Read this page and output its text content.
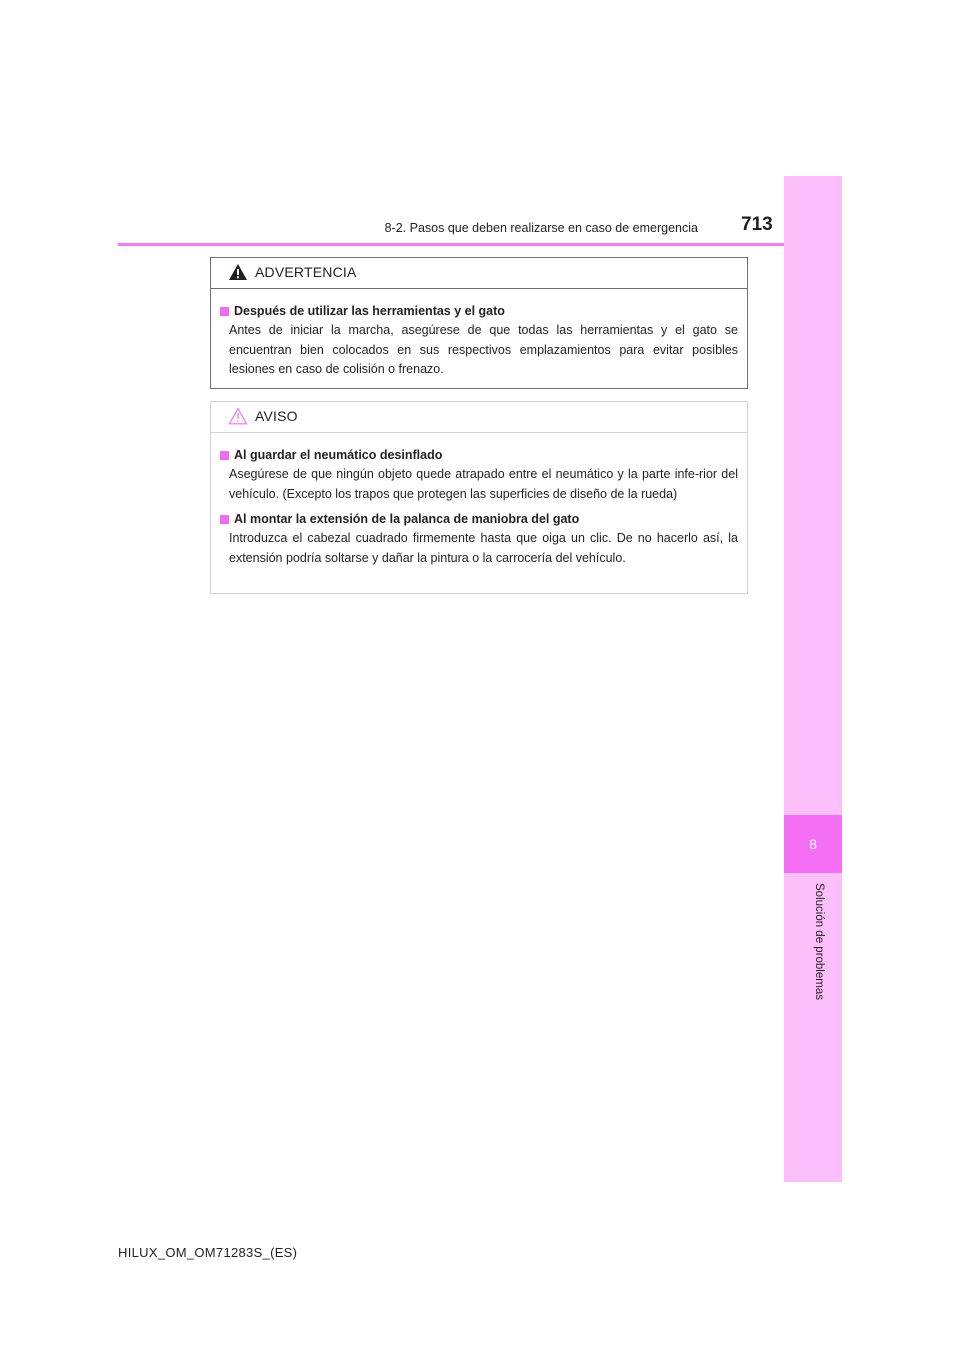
8-2. Pasos que deben realizarse en caso de emergencia 713
8
Solución de problemas
ADVERTENCIA
Después de utilizar las herramientas y el gato
Antes de iniciar la marcha, asegúrese de que todas las herramientas y el gato se encuentran bien colocados en sus respectivos emplazamientos para evitar posibles lesiones en caso de colisión o frenazo.
AVISO
Al guardar el neumático desinflado
Asegúrese de que ningún objeto quede atrapado entre el neumático y la parte infe-rior del vehículo. (Excepto los trapos que protegen las superficies de diseño de la rueda)
Al montar la extensión de la palanca de maniobra del gato
Introduzca el cabezal cuadrado firmemente hasta que oiga un clic. De no hacerlo así, la extensión podría soltarse y dañar la pintura o la carrocería del vehículo.
HILUX_OM_OM71283S_(ES)
